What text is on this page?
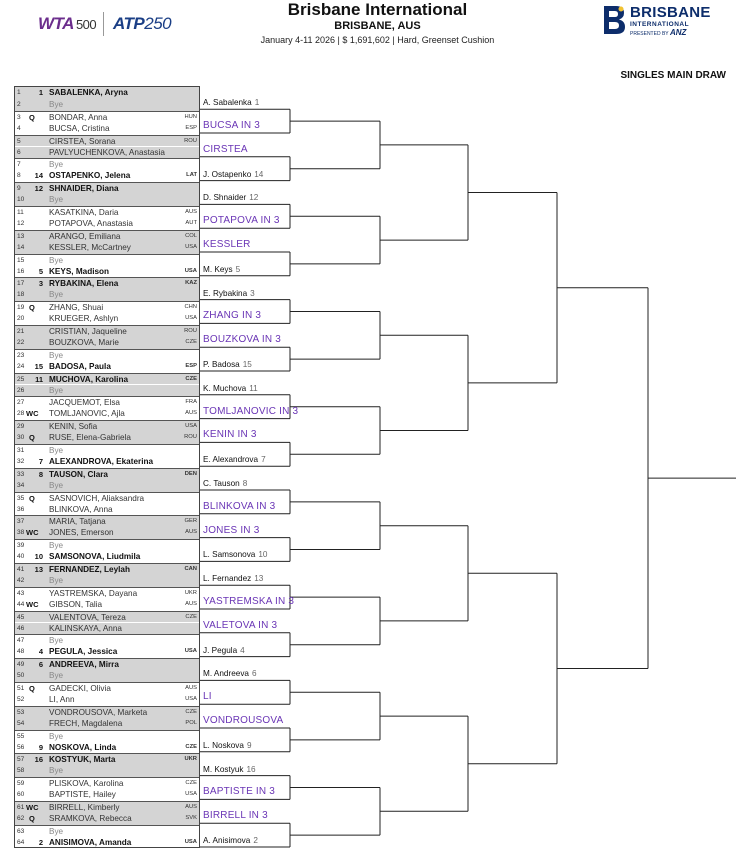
WTA 500 ATP250
Brisbane International
BRISBANE, AUS
January 4-11 2026 | $ 1,691,602 | Hard, Greenset Cushion
BRISBANE
INTERNATIONAL
PRESENTED BY ANZ
SINGLES MAIN DRAW
1	1 SABALENKA, Aryna
2	Bye
3	Q	BONDAR, Anna	HUN
4	BUCSA, Cristina	ESP
5	CIRSTEA, Sorana	ROU
6	PAVLYUCHENKOVA, Anastasia
7	Bye
8	14 OSTAPENKO, Jelena	LAT
9	12 SHNAIDER, Diana
10	Bye
11	KASATKINA, Daria	AUS
12	POTAPOVA, Anastasia	AUT
13	ARANGO, Emiliana	COL
14	KESSLER, McCartney	USA
15	Bye
16	5 KEYS, Madison	USA
17	3 RYBAKINA, Elena	KAZ
18	Bye
19 Q	ZHANG, Shuai	CHN
20	KRUEGER, Ashlyn	USA
21	CRISTIAN, Jaqueline	ROU
22	BOUZKOVA, Marie	CZE
23	Bye
24	15 BADOSA, Paula	ESP
25	11 MUCHOVA, Karolina	CZE
26	Bye
27	JACQUEMOT, Elsa	FRA
28 WC TOMLJANOVIC, Ajla	AUS
29	KENIN, Sofia	USA
30 Q	RUSE, Elena-Gabriela	ROU
31	Bye
32	7 ALEXANDROVA, Ekaterina
33	8 TAUSON, Clara	DEN
34	Bye
35 Q	SASNOVICH, Aliaksandra
36	BLINKOVA, Anna
37	MARIA, Tatjana	GER
38 WC JONES, Emerson	AUS
39	Bye
40	10 SAMSONOVA, Liudmila
41	13 FERNANDEZ, Leylah	CAN
42	Bye
43	YASTREMSKA, Dayana	UKR
44 WC GIBSON, Talia	AUS
45	VALENTOVA, Tereza	CZE
46	KALINSKAYA, Anna
47	Bye
48	4 PEGULA, Jessica	USA
49	6 ANDREEVA, Mirra
50	Bye
51 Q	GADECKI, Olivia	AUS
52	LI, Ann	USA
53	VONDROUSOVA, Marketa	CZE
54	FRECH, Magdalena	POL
55	Bye
56	9 NOSKOVA, Linda	CZE
57	16 KOSTYUK, Marta	UKR
58	Bye
59	PLISKOVA, Karolina	CZE
60	BAPTISTE, Hailey	USA
61 WC BIRRELL, Kimberly	AUS
62 Q	SRAMKOVA, Rebecca	SVK
63	Bye
64	2 ANISIMOVA, Amanda	USA
A. Sabalenka 1
BUCSA IN 3
CIRSTEA
J. Ostapenko 14
D. Shnaider 12
POTAPOVA IN 3
KESSLER
M. Keys 5
E. Rybakina 3
ZHANG IN 3
BOUZKOVA IN 3
P. Badosa 15
K. Muchova 11
TOMLJANOVIC IN 3
KENIN IN 3
E. Alexandrova 7
C. Tauson 8
BLINKOVA IN 3
JONES IN 3
L. Samsonova 10
L. Fernandez 13
YASTREMSKA IN 3
VALETOVA IN 3
J. Pegula 4
M. Andreeva 6
LI
VONDROUSOVA
L. Noskova 9
M. Kostyuk 16
BAPTISTE IN 3
BIRRELL IN 3
A. Anisimova 2
